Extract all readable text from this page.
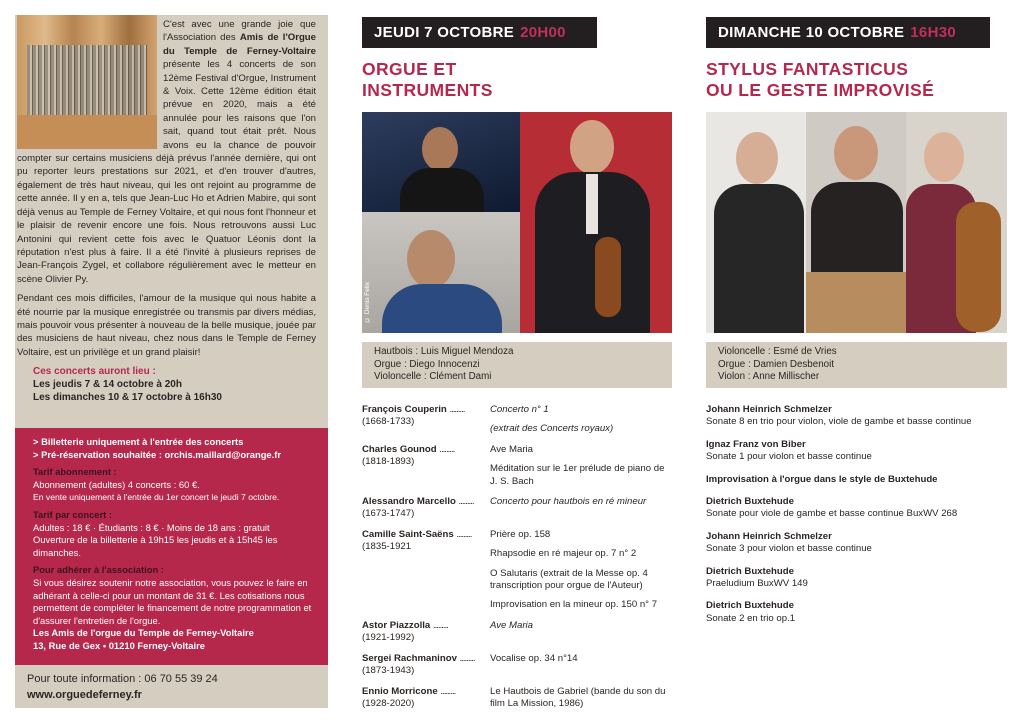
C'est avec une grande joie que l'Association des Amis de l'Orgue du Temple de Ferney-Voltaire présente les 4 concerts de son 12ème Festival d'Orgue, Instrument & Voix. Cette 12ème édition était prévue en 2020, mais a été annulée pour les raisons que l'on sait, quand tout était prêt. Nous avons eu la chance de pouvoir compter sur certains musiciens déjà prévus l'année dernière, qui ont pu reporter leurs prestations sur 2021, et d'en trouver d'autres, également de très haut niveau, qui les ont rejoint au programme de cette année. Il y en a, tels que Jean-Luc Ho et Adrien Mabire, qui sont déjà venus au Temple de Ferney Voltaire, et qui nous font l'honneur et le plaisir de revenir encore une fois. Nous retrouvons aussi Luc Antonini qui revient cette fois avec le Quatuor Léonis dont la réputation n'est plus à faire. Il a été l'invité à plusieurs reprises de Jean-François Zygel, et collabore régulièrement avec le metteur en scène Olivier Py.

Pendant ces mois difficiles, l'amour de la musique qui nous habite a été nourrie par la musique enregistrée ou transmis par divers médias, mais pouvoir vous présenter à nouveau de la belle musique, jouée par des musiciens de haut niveau, chez nous dans le Temple de Ferney Voltaire, est un privilège et un grand plaisir!

Ces concerts auront lieu :
Les jeudis 7 & 14 octobre à 20h
Les dimanches 10 & 17 octobre à 16h30
> Billetterie uniquement à l'entrée des concerts
> Pré-réservation souhaitée : orchis.maillard@orange.fr
Tarif abonnement :
Abonnement (adultes) 4 concerts : 60 €.
En vente uniquement à l'entrée du 1er concert le jeudi 7 octobre.
Tarif par concert :
Adultes : 18 € · Étudiants : 8 € · Moins de 18 ans : gratuit
Ouverture de la billetterie à 19h15 les jeudis et à 15h45 les dimanches.
Pour adhérer à l'association :
Si vous désirez soutenir notre association, vous pouvez le faire en adhérant à celle-ci pour un montant de 31 €. Les cotisations nous permettent de compléter le financement de notre programmation et d'assurer l'entretien de l'orgue.
Les Amis de l'orgue du Temple de Ferney-Voltaire
13, Rue de Gex • 01210 Ferney-Voltaire
Pour toute information : 06 70 55 39 24
www.orguedeferney.fr
JEUDI 7 OCTOBRE 20H00
ORGUE ET
INSTRUMENTS
© Denis Felix
Hautbois : Luis Miguel Mendoza
Orgue : Diego Innocenzi
Violoncelle : Clément Dami
François Couperin .........
(1668-1733)
Concerto n° 1
(extrait des Concerts royaux)
Charles Gounod .........
(1818-1893)
Ave Maria
Méditation sur le 1er prélude de piano de J. S. Bach
Alessandro Marcello .........
(1673-1747)
Concerto pour hautbois en ré mineur
Camille Saint-Saëns .........
(1835-1921
Prière op. 158
Rhapsodie en ré majeur op. 7 n° 2
O Salutaris (extrait de la Messe op. 4 transcription pour orgue de l'Auteur)
Improvisation en la mineur op. 150 n° 7
Astor Piazzolla .........
(1921-1992)
Ave Maria
Sergei Rachmaninov .........
(1873-1943)
Vocalise op. 34 n°14
Ennio Morricone .........
(1928-2020)
Le Hautbois de Gabriel (bande du son du film La Mission, 1986)
DIMANCHE 10 OCTOBRE 16H30
STYLUS FANTASTICUS
OU LE GESTE IMPROVISÉ
Violoncelle : Esmé de Vries
Orgue : Damien Desbenoit
Violon : Anne Millischer
Johann Heinrich Schmelzer
Sonate 8 en trio pour violon, viole de gambe et basse continue
Ignaz Franz von Biber
Sonate 1 pour violon et basse continue
Improvisation à l'orgue dans le style de Buxtehude
Dietrich Buxtehude
Sonate pour viole de gambe et basse continue BuxWV 268
Johann Heinrich Schmelzer
Sonate 3 pour violon et basse continue
Dietrich Buxtehude
Praeludium BuxWV 149
Dietrich Buxtehude
Sonate 2 en trio op.1
